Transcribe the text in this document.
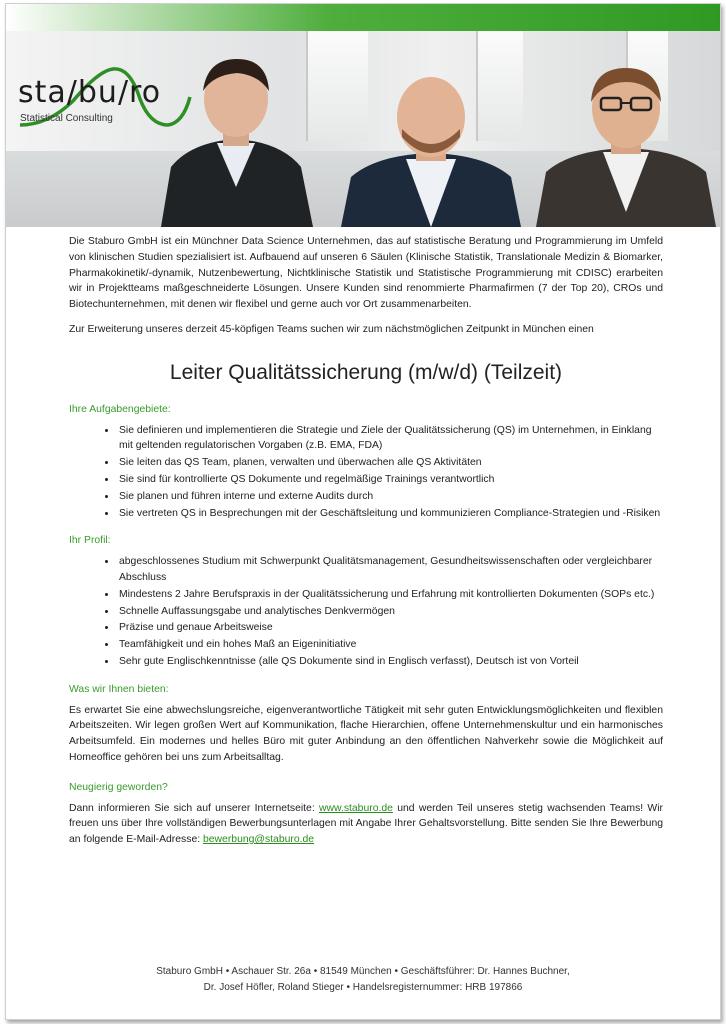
sta/bu/ro
Statistical Consulting

Die Staburo GmbH ist ein Münchner Data Science Unternehmen, das auf statistische Beratung und Programmierung im Umfeld von klinischen Studien spezialisiert ist. Aufbauend auf unseren 6 Säulen (Klinische Statistik, Translationale Medizin & Biomarker, Pharmakokinetik/-dynamik, Nutzenbewertung, Nichtklinische Statistik und Statistische Programmierung mit CDISC) erarbeiten wir in Projektteams maßgeschneiderte Lösungen. Unsere Kunden sind renommierte Pharmafirmen (7 der Top 20), CROs und Biotechunternehmen, mit denen wir flexibel und gerne auch vor Ort zusammenarbeiten.

Zur Erweiterung unseres derzeit 45-köpfigen Teams suchen wir zum nächstmöglichen Zeitpunkt in München einen

Leiter Qualitätssicherung (m/w/d) (Teilzeit)
Ihre Aufgabengebiete:
• Sie definieren und implementieren die Strategie und Ziele der Qualitätssicherung (QS) im Unternehmen, in Einklang mit geltenden regulatorischen Vorgaben (z.B. EMA, FDA)
• Sie leiten das QS Team, planen, verwalten und überwachen alle QS Aktivitäten
• Sie sind für kontrollierte QS Dokumente und regelmäßige Trainings verantwortlich
• Sie planen und führen interne und externe Audits durch
• Sie vertreten QS in Besprechungen mit der Geschäftsleitung und kommunizieren Compliance-Strategien und -Risiken
Ihr Profil:
• abgeschlossenes Studium mit Schwerpunkt Qualitätsmanagement, Gesundheitswissenschaften oder vergleichbarer Abschluss
• Mindestens 2 Jahre Berufspraxis in der Qualitätssicherung und Erfahrung mit kontrollierten Dokumenten (SOPs etc.)
• Schnelle Auffassungsgabe und analytisches Denkvermögen
• Präzise und genaue Arbeitsweise
• Teamfähigkeit und ein hohes Maß an Eigeninitiative
• Sehr gute Englischkenntnisse (alle QS Dokumente sind in Englisch verfasst), Deutsch ist von Vorteil
Was wir Ihnen bieten:

Es erwartet Sie eine abwechslungsreiche, eigenverantwortliche Tätigkeit mit sehr guten Entwicklungsmöglichkeiten und flexiblen Arbeitszeiten. Wir legen großen Wert auf Kommunikation, flache Hierarchien, offene Unternehmenskultur und ein harmonisches Arbeitsumfeld. Ein modernes und helles Büro mit guter Anbindung an den öffentlichen Nahverkehr sowie die Möglichkeit auf Homeoffice gehören bei uns zum Arbeitsalltag.

Neugierig geworden?

Dann informieren Sie sich auf unserer Internetseite: www.staburo.de und werden Teil unseres stetig wachsenden Teams! Wir freuen uns über Ihre vollständigen Bewerbungsunterlagen mit Angabe Ihrer Gehaltsvorstellung. Bitte senden Sie Ihre Bewerbung an folgende E-Mail-Adresse: bewerbung@staburo.de

Staburo GmbH • Aschauer Str. 26a • 81549 München • Geschäftsführer: Dr. Hannes Buchner,
Dr. Josef Höfler, Roland Stieger • Handelsregisternummer: HRB 197866
